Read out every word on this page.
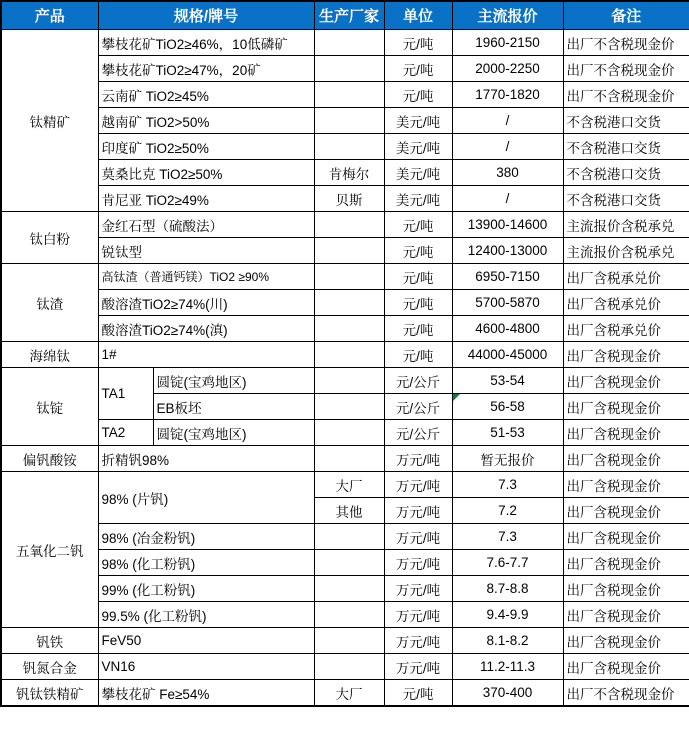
产品	规格/牌号		生产厂家	单位	主流报价	备注
钛精矿	攀枝花矿TiO2≥46%，10低磷矿			元/吨	1960-2150	出厂不含税现金价
	攀枝花矿TiO2≥47%，20矿			元/吨	2000-2250	出厂不含税现金价
	云南矿 TiO2≥45%			元/吨	1770-1820	出厂不含税现金价
	越南矿 TiO2>50%			美元/吨	/	不含税港口交货
	印度矿 TiO2≥50%			美元/吨	/	不含税港口交货
	莫桑比克 TiO2≥50%		肯梅尔	美元/吨	380	不含税港口交货
	肯尼亚 TiO2≥49%		贝斯	美元/吨	/	不含税港口交货
钛白粉	金红石型（硫酸法）			元/吨	13900-14600	主流报价含税承兑
	锐钛型			元/吨	12400-13000	主流报价含税承兑
钛渣	高钛渣（普通钙镁）TiO2 ≥90%			元/吨	6950-7150	出厂含税承兑价
	酸溶渣TiO2≥74%(川)			元/吨	5700-5870	出厂含税承兑价
	酸溶渣TiO2≥74%(滇)			元/吨	4600-4800	出厂含税承兑价
海绵钛	1#			元/吨	44000-45000	出厂含税现金价
钛锭	TA1	圆锭(宝鸡地区)		元/公斤	53-54	出厂含税现金价
		EB板坯		元/公斤	56-58	出厂含税现金价
	TA2	圆锭(宝鸡地区)		元/公斤	51-53	出厂含税现金价
偏钒酸铵	折精钒98%			万元/吨	暂无报价	出厂含税现金价
五氧化二钒	98% (片钒)		大厂	万元/吨	7.3	出厂含税现金价
			其他	万元/吨	7.2	出厂含税现金价
	98% (冶金粉钒)			万元/吨	7.3	出厂含税现金价
	98% (化工粉钒)			万元/吨	7.6-7.7	出厂含税现金价
	99% (化工粉钒)			万元/吨	8.7-8.8	出厂含税现金价
	99.5% (化工粉钒)			万元/吨	9.4-9.9	出厂含税现金价
钒铁	FeV50			万元/吨	8.1-8.2	出厂含税现金价
钒氮合金	VN16			万元/吨	11.2-11.3	出厂含税现金价
钒钛铁精矿	攀枝花矿 Fe≥54%		大厂	元/吨	370-400	出厂不含税现金价
